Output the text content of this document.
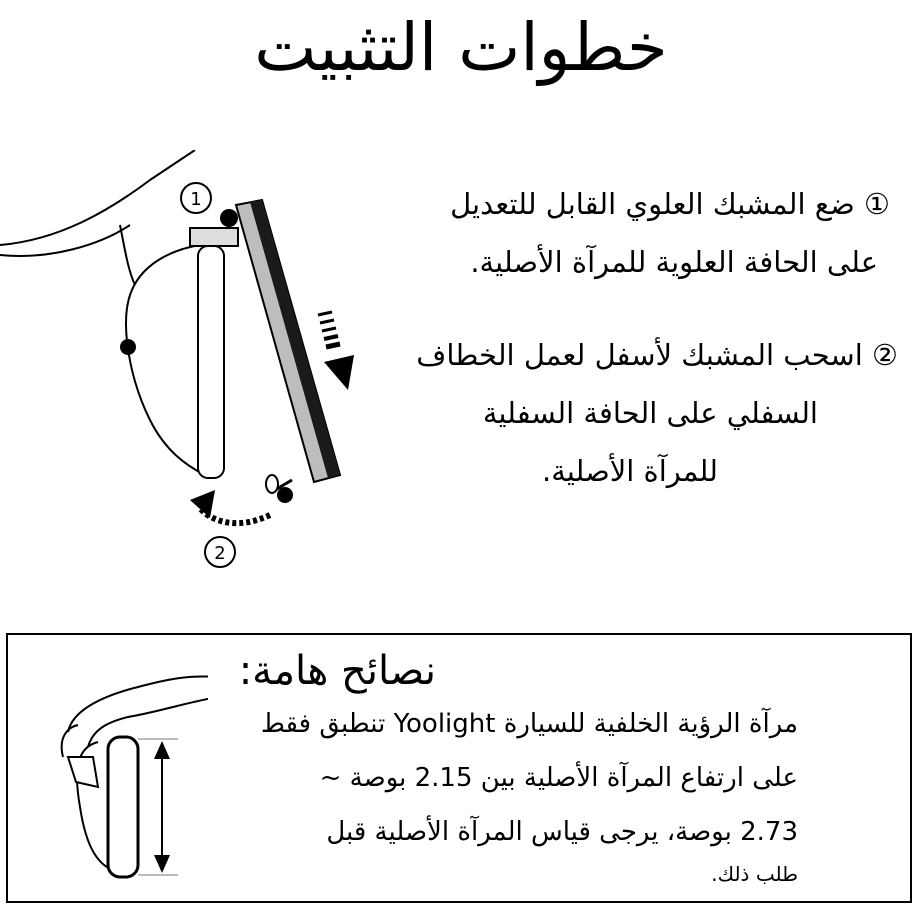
خطوات التثبيت
1
2
① ضع المشبك العلوي القابل للتعديل
على الحافة العلوية للمرآة الأصلية.
② اسحب المشبك لأسفل لعمل الخطاف
السفلي على الحافة السفلية
للمرآة الأصلية.
نصائح هامة:
مرآة الرؤية الخلفية للسيارة Yoolight تنطبق فقط
على ارتفاع المرآة الأصلية بين 2.15 بوصة ~
2.73 بوصة، يرجى قياس المرآة الأصلية قبل
طلب ذلك.
